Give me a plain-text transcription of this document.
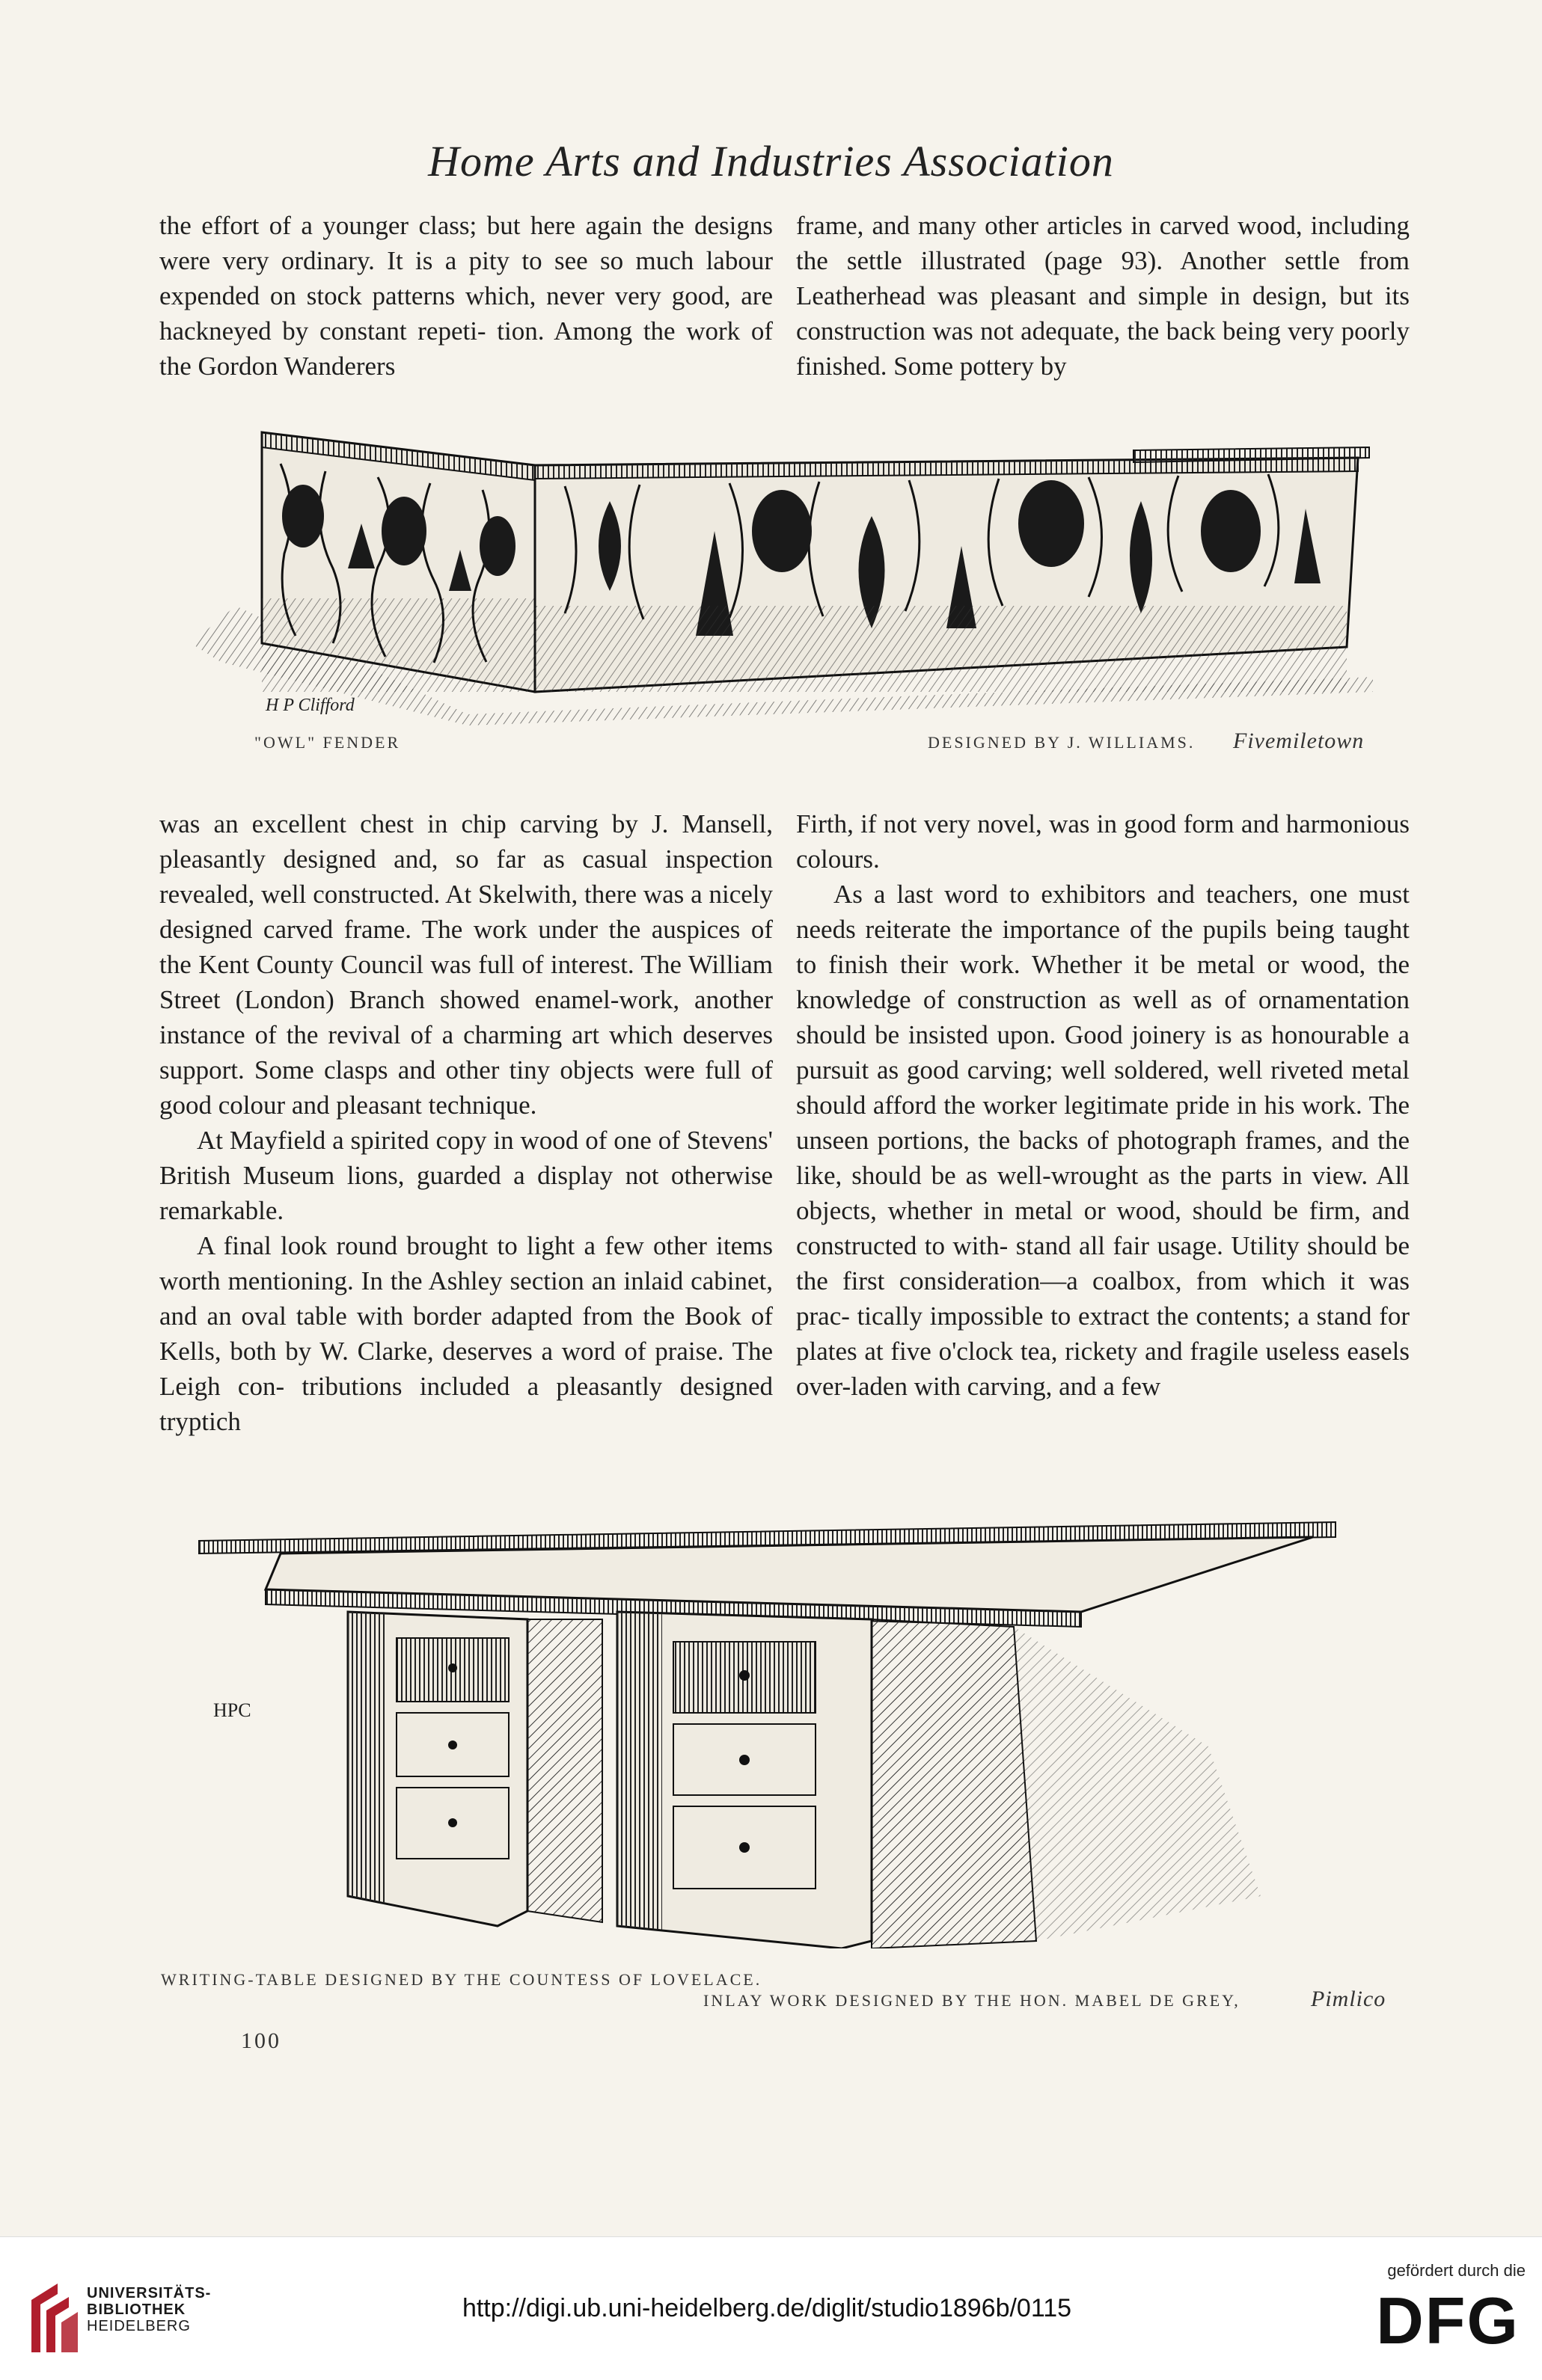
Home Arts and Industries Association

the effort of a younger class; but here again the designs were very ordinary. It is a pity to see so much labour expended on stock patterns which, never very good, are hackneyed by constant repeti- tion. Among the work of the Gordon Wanderers

frame, and many other articles in carved wood, including the settle illustrated (page 93). Another settle from Leatherhead was pleasant and simple in design, but its construction was not adequate, the back being very poorly finished. Some pottery by

H P Clifford
"OWL" FENDER	DESIGNED BY J. WILLIAMS. Fivemiletown

was an excellent chest in chip carving by J. Mansell, pleasantly designed and, so far as casual inspection revealed, well constructed. At Skelwith, there was a nicely designed carved frame. The work under the auspices of the Kent County Council was full of interest. The William Street (London) Branch showed enamel-work, another instance of the revival of a charming art which deserves support. Some clasps and other tiny objects were full of good colour and pleasant technique.

At Mayfield a spirited copy in wood of one of Stevens' British Museum lions, guarded a display not otherwise remarkable.

A final look round brought to light a few other items worth mentioning. In the Ashley section an inlaid cabinet, and an oval table with border adapted from the Book of Kells, both by W. Clarke, deserves a word of praise. The Leigh con- tributions included a pleasantly designed tryptich

Firth, if not very novel, was in good form and harmonious colours.

As a last word to exhibitors and teachers, one must needs reiterate the importance of the pupils being taught to finish their work. Whether it be metal or wood, the knowledge of construction as well as of ornamentation should be insisted upon. Good joinery is as honourable a pursuit as good carving; well soldered, well riveted metal should afford the worker legitimate pride in his work. The unseen portions, the backs of photograph frames, and the like, should be as well-wrought as the parts in view. All objects, whether in metal or wood, should be firm, and constructed to with- stand all fair usage. Utility should be the first consideration—a coalbox, from which it was prac- tically impossible to extract the contents; a stand for plates at five o'clock tea, rickety and fragile useless easels over-laden with carving, and a few

HPC
WRITING-TABLE DESIGNED BY THE COUNTESS OF LOVELACE.
INLAY WORK DESIGNED BY THE HON. MABEL DE GREY,	Pimlico
100
UNIVERSITÄTS-
BIBLIOTHEK
HEIDELBERG
http://digi.ub.uni-heidelberg.de/diglit/studio1896b/0115
gefördert durch die
DFG
